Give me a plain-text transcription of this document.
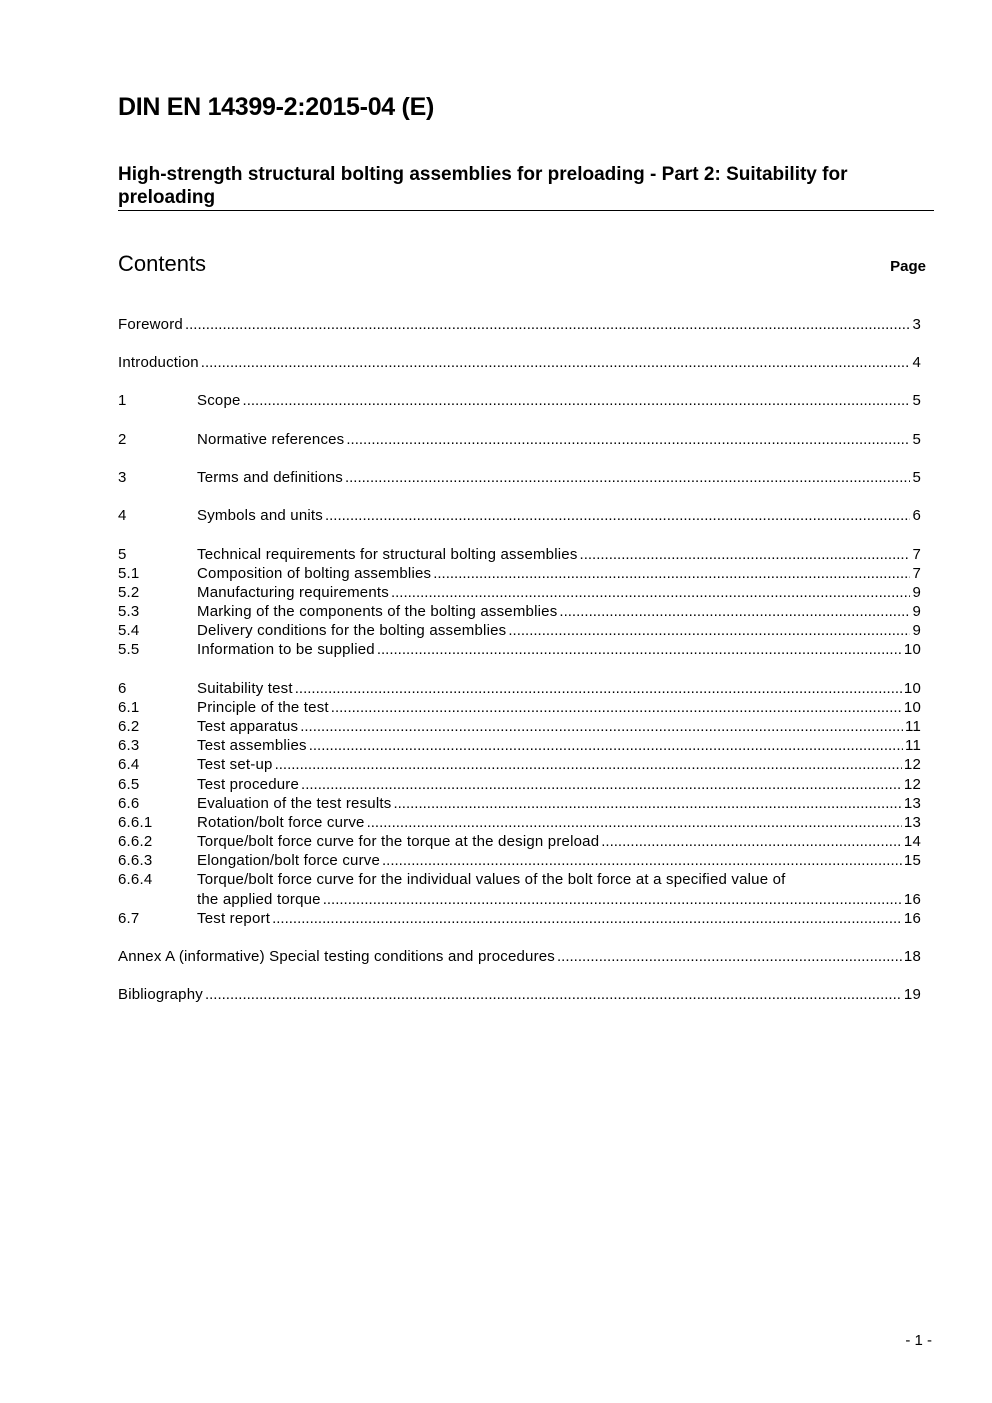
DIN EN 14399-2:2015-04 (E)
High-strength structural bolting assemblies for preloading - Part 2: Suitability for preloading
Contents	Page
Foreword .....	3
Introduction .....	4
1	Scope .....	5
2	Normative references .....	5
3	Terms and definitions .....	5
4	Symbols and units .....	6
5	Technical requirements for structural bolting assemblies .....	7
5.1	Composition of bolting assemblies .....	7
5.2	Manufacturing requirements .....	9
5.3	Marking of the components of the bolting assemblies .....	9
5.4	Delivery conditions for the bolting assemblies .....	9
5.5	Information to be supplied .....	10
6	Suitability test .....	10
6.1	Principle of the test .....	10
6.2	Test apparatus .....	11
6.3	Test assemblies .....	11
6.4	Test set-up .....	12
6.5	Test procedure .....	12
6.6	Evaluation of the test results .....	13
6.6.1	Rotation/bolt force curve .....	13
6.6.2	Torque/bolt force curve for the torque at the design preload .....	14
6.6.3	Elongation/bolt force curve .....	15
6.6.4	Torque/bolt force curve for the individual values of the bolt force at a specified value of
the applied torque .....	16
6.7	Test report .....	16
Annex A (informative) Special testing conditions and procedures .....	18
Bibliography .....	19
- 1 -
